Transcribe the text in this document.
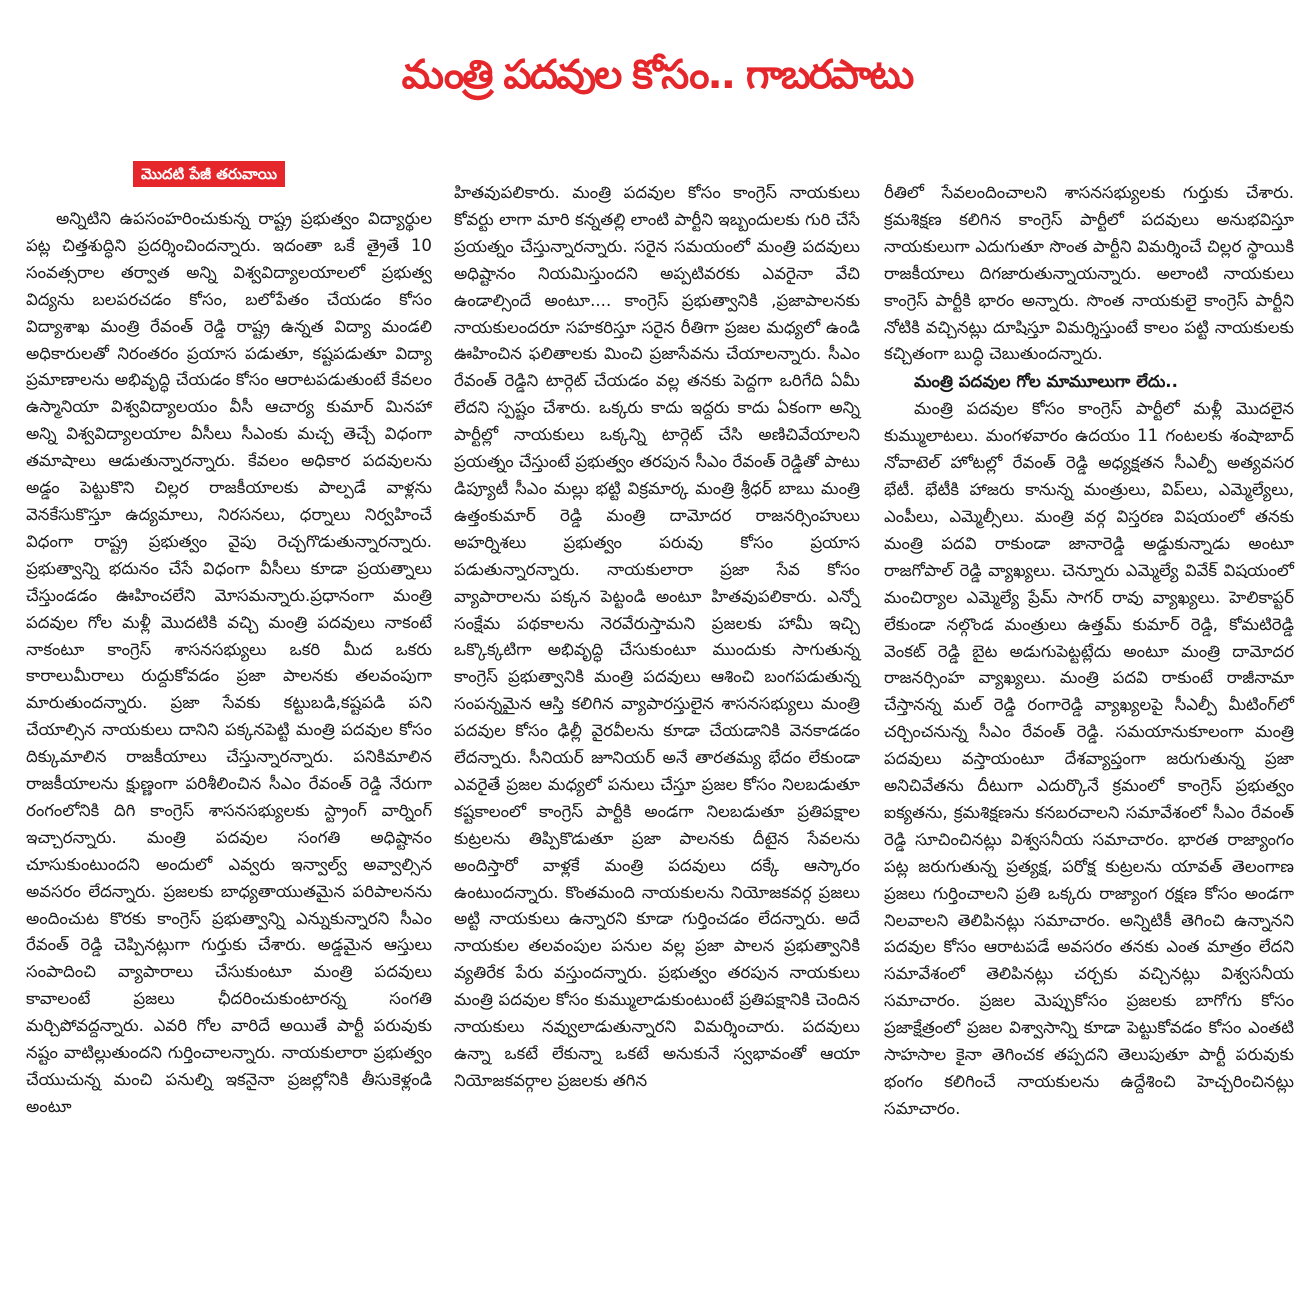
మంత్రి పదవుల కోసం.. గాబరపాటు
మొదటి పేజీ తరువాయి

అన్నిటిని ఉపసంహరించుకున్న రాష్ట్ర ప్రభుత్వం విద్యార్థుల పట్ల చిత్తశుద్ధిని ప్రదర్శించిందన్నారు. ఇదంతా ఒకే త్రైతే 10 సంవత్సరాల తర్వాత అన్ని విశ్వవిద్యాలయాలలో ప్రభుత్వ విద్యను బలపరచడం కోసం, బలోపేతం చేయడం కోసం విద్యాశాఖ మంత్రి రేవంత్ రెడ్డి రాష్ట్ర ఉన్నత విద్యా మండలి అధికారులతో నిరంతరం ప్రయాస పడుతూ, కష్టపడుతూ విద్యా ప్రమాణాలను అభివృద్ధి చేయడం కోసం ఆరాటపడుతుంటే కేవలం ఉస్మానియా విశ్వవిద్యాలయం వీసీ ఆచార్య కుమార్ మినహా అన్ని విశ్వవిద్యాలయాల వీసీలు సీఎంకు మచ్చ తెచ్చే విధంగా తమాషాలు ఆడుతున్నారన్నారు. కేవలం అధికార పదవులను అడ్డం పెట్టుకొని చిల్లర రాజకీయాలకు పాల్పడే వాళ్లను వెనకేసుకొస్తూ ఉద్యమాలు, నిరసనలు, ధర్నాలు నిర్వహించే విధంగా రాష్ట్ర ప్రభుత్వం వైపు రెచ్చగొడుతున్నారన్నారు. ప్రభుత్వాన్ని భదునం చేసే విధంగా వీసీలు కూడా ప్రయత్నాలు చేస్తుండడం ఊహించలేని మోసమన్నారు.ప్రధానంగా మంత్రి పదవుల గోల మళ్లీ మొదటికి వచ్చి మంత్రి పదవులు నాకంటే నాకంటూ కాంగ్రెస్ శాసనసభ్యులు ఒకరి మీద ఒకరు కారాలుమీరాలు రుద్దుకోవడం ప్రజా పాలనకు తలవంపుగా మారుతుందన్నారు. ప్రజా సేవకు కట్టుబడి,కష్టపడి పని చేయాల్సిన నాయకులు దానిని పక్కనపెట్టి మంత్రి పదవుల కోసం దిక్కుమాలిన రాజకీయాలు చేస్తున్నారన్నారు. పనికిమాలిన రాజకీయాలను క్షుణ్ణంగా పరిశీలించిన సీఎం రేవంత్ రెడ్డి నేరుగా రంగంలోనికి దిగి కాంగ్రెస్ శాసనసభ్యులకు స్ట్రాంగ్ వార్నింగ్ ఇచ్చారన్నారు. మంత్రి పదవుల సంగతి అధిష్టానం చూసుకుంటుందని అందులో ఎవ్వరు ఇన్వాల్వ్ అవ్వాల్సిన అవసరం లేదన్నారు. ప్రజలకు బాధ్యతాయుతమైన పరిపాలనను అందించుట కొరకు కాంగ్రెస్ ప్రభుత్వాన్ని ఎన్నుకున్నారని సీఎం రేవంత్ రెడ్డి చెప్పినట్లుగా గుర్తుకు చేశారు. అడ్డమైన ఆస్తులు సంపాదించి వ్యాపారాలు చేసుకుంటూ మంత్రి పదవులు కావాలంటే ప్రజలు ఛీదరించుకుంటారన్న సంగతి మర్చిపోవద్దన్నారు. ఎవరి గోల వారిదే అయితే పార్టీ పరువుకు నష్టం వాటిల్లుతుందని గుర్తించాలన్నారు. నాయకులారా ప్రభుత్వం చేయుచున్న మంచి పనుల్ని ఇకనైనా ప్రజల్లోనికి తీసుకెళ్లండి అంటూ

హితవుపలికారు. మంత్రి పదవుల కోసం కాంగ్రెస్ నాయకులు కోవర్టు లాగా మారి కన్నతల్లి లాంటి పార్టీని ఇబ్బందులకు గురి చేసే ప్రయత్నం చేస్తున్నారన్నారు. సరైన సమయంలో మంత్రి పదవులు అధిష్టానం నియమిస్తుందని అప్పటివరకు ఎవరైనా వేచి ఉండాల్సిందే అంటూ.... కాంగ్రెస్ ప్రభుత్వానికి ,ప్రజాపాలనకు నాయకులందరూ సహకరిస్తూ సరైన రీతిగా ప్రజల మధ్యలో ఉండి ఊహించిన ఫలితాలకు మించి ప్రజాసేవను చేయాలన్నారు. సీఎం రేవంత్ రెడ్డిని టార్గెట్ చేయడం వల్ల తనకు పెద్దగా ఒరిగేది ఏమీ లేదని స్పష్టం చేశారు. ఒక్కరు కాదు ఇద్దరు కాదు ఏకంగా అన్ని పార్టీల్లో నాయకులు ఒక్కన్ని టార్గెట్ చేసి అణిచివేయాలని ప్రయత్నం చేస్తుంటే ప్రభుత్వం తరపున సీఎం రేవంత్ రెడ్డితో పాటు డిప్యూటీ సీఎం మల్లు భట్టి విక్రమార్క మంత్రి శ్రీధర్ బాబు మంత్రి ఉత్తంకుమార్ రెడ్డి మంత్రి దామోదర రాజనర్సింహులు అహర్నిశలు ప్రభుత్వం పరువు కోసం ప్రయాస పడుతున్నారన్నారు. నాయకులారా ప్రజా సేవ కోసం వ్యాపారాలను పక్కన పెట్టండి అంటూ హితవుపలికారు. ఎన్నో సంక్షేమ పథకాలను నెరవేరుస్తామని ప్రజలకు హామీ ఇచ్చి ఒక్కొక్కటిగా అభివృద్ధి చేసుకుంటూ ముందుకు సాగుతున్న కాంగ్రెస్ ప్రభుత్వానికి మంత్రి పదవులు ఆశించి బంగపడుతున్న సంపన్నమైన ఆస్తి కలిగిన వ్యాపారస్తులైన శాసనసభ్యులు మంత్రి పదవుల కోసం ఢిల్లీ వైరవీలను కూడా చేయడానికి వెనకాడడం లేదన్నారు. సీనియర్ జూనియర్ అనే తారతమ్య భేదం లేకుండా ఎవరైతే ప్రజల మధ్యలో పనులు చేస్తూ ప్రజల కోసం నిలబడుతూ కష్టకాలంలో కాంగ్రెస్ పార్టీకి అండగా నిలబడుతూ ప్రతిపక్షాల కుట్రలను తిప్పికొడుతూ ప్రజా పాలనకు దీటైన సేవలను అందిస్తారో వాళ్లకే మంత్రి పదవులు దక్కే ఆస్కారం ఉంటుందన్నారు. కొంతమంది నాయకులను నియోజకవర్గ ప్రజలు అట్టి నాయకులు ఉన్నారని కూడా గుర్తించడం లేదన్నారు. అదే నాయకుల తలవంపుల పనుల వల్ల ప్రజా పాలన ప్రభుత్వానికి వ్యతిరేక పేరు వస్తుందన్నారు. ప్రభుత్వం తరపున నాయకులు మంత్రి పదవుల కోసం కుమ్ములాడుకుంటుంటే ప్రతిపక్షానికి చెందిన నాయకులు నవ్వులాడుతున్నారని విమర్శించారు. పదవులు ఉన్నా ఒకటే లేకున్నా ఒకటే అనుకునే స్వభావంతో ఆయా నియోజకవర్గాల ప్రజలకు తగిన

రీతిలో సేవలందించాలని శాసనసభ్యులకు గుర్తుకు చేశారు. క్రమశిక్షణ కలిగిన కాంగ్రెస్ పార్టీలో పదవులు అనుభవిస్తూ నాయకులుగా ఎదుగుతూ సొంత పార్టీని విమర్శించే చిల్లర స్థాయికి రాజకీయాలు దిగజారుతున్నాయన్నారు. అలాంటి నాయకులు కాంగ్రెస్ పార్టీకి భారం అన్నారు. సొంత నాయకులై కాంగ్రెస్ పార్టీని నోటికి వచ్చినట్లు దూషిస్తూ విమర్శిస్తుంటే కాలం పట్టి నాయకులకు కచ్చితంగా బుద్ధి చెబుతుందన్నారు.

మంత్రి పదవుల గోల మామూలుగా లేదు..

మంత్రి పదవుల కోసం కాంగ్రెస్ పార్టీలో మళ్లీ మొదలైన కుమ్ములాటలు. మంగళవారం ఉదయం 11 గంటలకు శంషాబాద్ నోవాటెల్ హోటల్లో రేవంత్ రెడ్డి అధ్యక్షతన సీఎల్పీ అత్యవసర భేటీ. భేటీకి హాజరు కానున్న మంత్రులు, విప్‌లు, ఎమ్మెల్యేలు, ఎంపీలు, ఎమ్మెల్సీలు. మంత్రి వర్గ విస్తరణ విషయంలో తనకు మంత్రి పదవి రాకుండా జానారెడ్డి అడ్డుకున్నాడు అంటూ రాజగోపాల్ రెడ్డి వ్యాఖ్యలు. చెన్నూరు ఎమ్మెల్యే వివేక్ విషయంలో మంచిర్యాల ఎమ్మెల్యే ప్రేమ్ సాగర్ రావు వ్యాఖ్యలు. హెలికాప్టర్ లేకుండా నల్గొండ మంత్రులు ఉత్తమ్ కుమార్ రెడ్డి, కోమటిరెడ్డి వెంకట్ రెడ్డి బైట అడుగుపెట్టట్లేదు అంటూ మంత్రి దామోదర రాజనర్సింహ వ్యాఖ్యలు. మంత్రి పదవి రాకుంటే రాజీనామా చేస్తానన్న మల్ రెడ్డి రంగారెడ్డి వ్యాఖ్యలపై సీఎల్పీ మీటింగ్‌లో చర్చించనున్న సీఎం రేవంత్ రెడ్డి. సమయానుకూలంగా మంత్రి పదవులు వస్తాయంటూ దేశవ్యాప్తంగా జరుగుతున్న ప్రజా అనిచివేతను దీటుగా ఎదుర్కొనే క్రమంలో కాంగ్రెస్ ప్రభుత్వం ఐక్యతను, క్రమశిక్షణను కనబరచాలని సమావేశంలో సీఎం రేవంత్ రెడ్డి సూచించినట్లు విశ్వసనీయ సమాచారం. భారత రాజ్యాంగం పట్ల జరుగుతున్న ప్రత్యక్ష, పరోక్ష కుట్రలను యావత్ తెలంగాణ ప్రజలు గుర్తించాలని ప్రతి ఒక్కరు రాజ్యాంగ రక్షణ కోసం అండగా నిలవాలని తెలిపినట్లు సమాచారం. అన్నిటికీ తెగించి ఉన్నానని పదవుల కోసం ఆరాటపడే అవసరం తనకు ఎంత మాత్రం లేదని సమావేశంలో తెలిపినట్లు చర్చకు వచ్చినట్లు విశ్వసనీయ సమాచారం. ప్రజల మెప్పుకోసం ప్రజలకు బాగోగు కోసం ప్రజాక్షేత్రంలో ప్రజల విశ్వాసాన్ని కూడా పెట్టుకోవడం కోసం ఎంతటి సాహసాల కైనా తెగించక తప్పదని తెలుపుతూ పార్టీ పరువుకు భంగం కలిగించే నాయకులను ఉద్దేశించి హెచ్చరించినట్లు సమాచారం.
